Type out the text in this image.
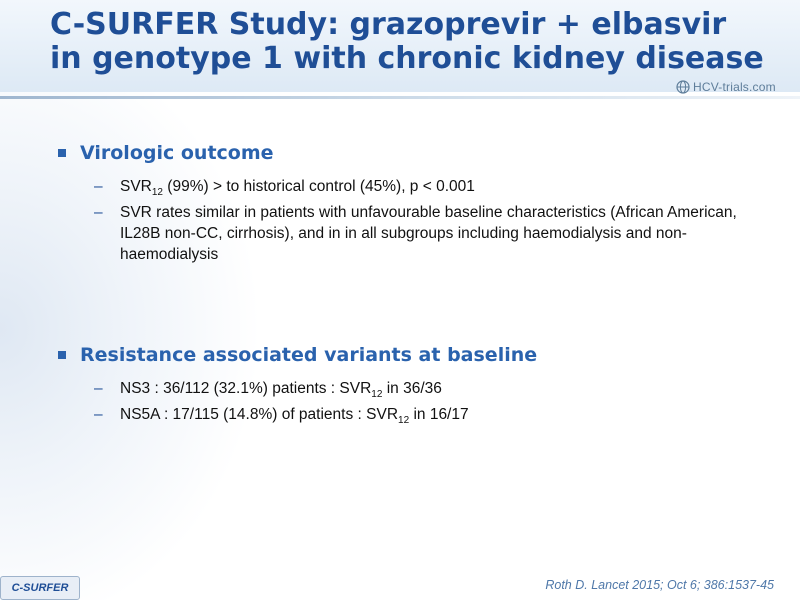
C-SURFER Study: grazoprevir + elbasvir
in genotype 1 with chronic kidney disease
HCV-trials.com
Virologic outcome
– $SVR_{12}$ (99%) > to historical control (45%), p < 0.001
– SVR rates similar in patients with unfavourable baseline characteristics (African American, IL28B non-CC, cirrhosis), and in in all subgroups including haemodialysis and non-haemodialysis
Resistance associated variants at baseline
– NS3 : 36/112 (32.1%) patients : $SVR_{12}$ in 36/36
– NS5A : 17/115 (14.8%) of patients : $SVR_{12}$ in 16/17
C-SURFER	Roth D. Lancet 2015; Oct 6; 386:1537-45
